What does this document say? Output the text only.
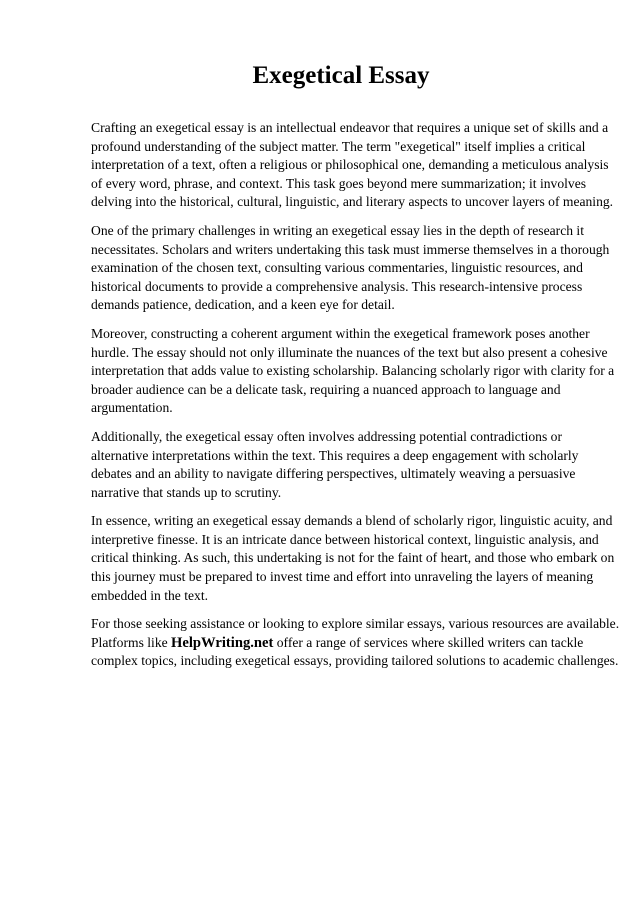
Exegetical Essay

Crafting an exegetical essay is an intellectual endeavor that requires a unique set of skills and a
profound understanding of the subject matter. The term "exegetical" itself implies a critical
interpretation of a text, often a religious or philosophical one, demanding a meticulous analysis
of every word, phrase, and context. This task goes beyond mere summarization; it involves
delving into the historical, cultural, linguistic, and literary aspects to uncover layers of meaning.

One of the primary challenges in writing an exegetical essay lies in the depth of research it
necessitates. Scholars and writers undertaking this task must immerse themselves in a thorough
examination of the chosen text, consulting various commentaries, linguistic resources, and
historical documents to provide a comprehensive analysis. This research-intensive process
demands patience, dedication, and a keen eye for detail.

Moreover, constructing a coherent argument within the exegetical framework poses another
hurdle. The essay should not only illuminate the nuances of the text but also present a cohesive
interpretation that adds value to existing scholarship. Balancing scholarly rigor with clarity for a
broader audience can be a delicate task, requiring a nuanced approach to language and
argumentation.

Additionally, the exegetical essay often involves addressing potential contradictions or
alternative interpretations within the text. This requires a deep engagement with scholarly
debates and an ability to navigate differing perspectives, ultimately weaving a persuasive
narrative that stands up to scrutiny.

In essence, writing an exegetical essay demands a blend of scholarly rigor, linguistic acuity, and
interpretive finesse. It is an intricate dance between historical context, linguistic analysis, and
critical thinking. As such, this undertaking is not for the faint of heart, and those who embark on
this journey must be prepared to invest time and effort into unraveling the layers of meaning
embedded in the text.

For those seeking assistance or looking to explore similar essays, various resources are available.
Platforms like HelpWriting.net offer a range of services where skilled writers can tackle
complex topics, including exegetical essays, providing tailored solutions to academic challenges.
